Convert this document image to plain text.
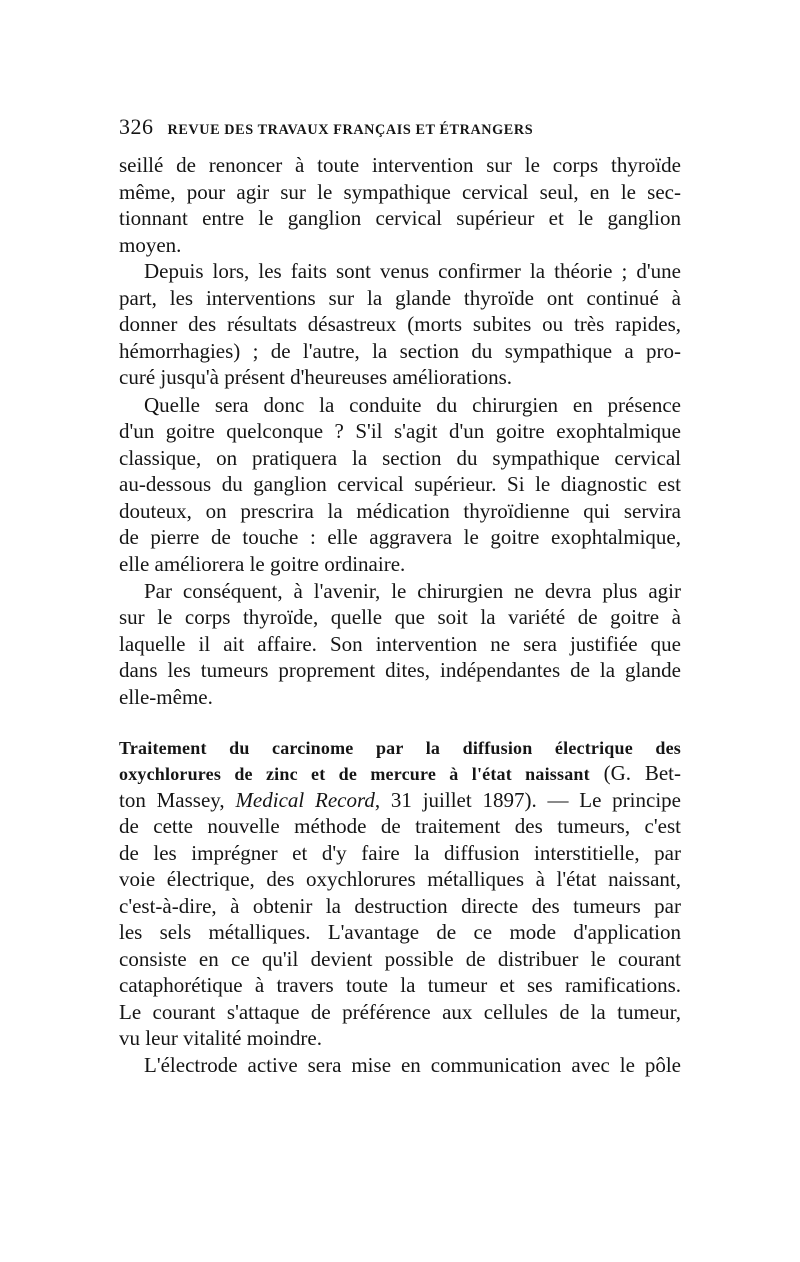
326 REVUE DES TRAVAUX FRANÇAIS ET ÉTRANGERS
seillé de renoncer à toute intervention sur le corps thyroïde
même, pour agir sur le sympathique cervical seul, en le sec-
tionnant entre le ganglion cervical supérieur et le ganglion
moyen.
Depuis lors, les faits sont venus confirmer la théorie ; d'une
part, les interventions sur la glande thyroïde ont continué à
donner des résultats désastreux (morts subites ou très rapides,
hémorrhagies) ; de l'autre, la section du sympathique a pro-
curé jusqu'à présent d'heureuses améliorations.
Quelle sera donc la conduite du chirurgien en présence
d'un goitre quelconque ? S'il s'agit d'un goitre exophtalmique
classique, on pratiquera la section du sympathique cervical
au-dessous du ganglion cervical supérieur. Si le diagnostic est
douteux, on prescrira la médication thyroïdienne qui servira
de pierre de touche : elle aggravera le goitre exophtalmique,
elle améliorera le goitre ordinaire.
Par conséquent, à l'avenir, le chirurgien ne devra plus agir
sur le corps thyroïde, quelle que soit la variété de goitre à
laquelle il ait affaire. Son intervention ne sera justifiée que
dans les tumeurs proprement dites, indépendantes de la glande
elle-même.
Traitement du carcinome par la diffusion électrique des
oxychlorures de zinc et de mercure à l'état naissant (G. Bet-
ton Massey, Medical Record, 31 juillet 1897). — Le principe
de cette nouvelle méthode de traitement des tumeurs, c'est
de les imprégner et d'y faire la diffusion interstitielle, par
voie électrique, des oxychlorures métalliques à l'état naissant,
c'est-à-dire, à obtenir la destruction directe des tumeurs par
les sels métalliques. L'avantage de ce mode d'application
consiste en ce qu'il devient possible de distribuer le courant
cataphorétique à travers toute la tumeur et ses ramifications.
Le courant s'attaque de préférence aux cellules de la tumeur,
vu leur vitalité moindre.
L'électrode active sera mise en communication avec le pôle
